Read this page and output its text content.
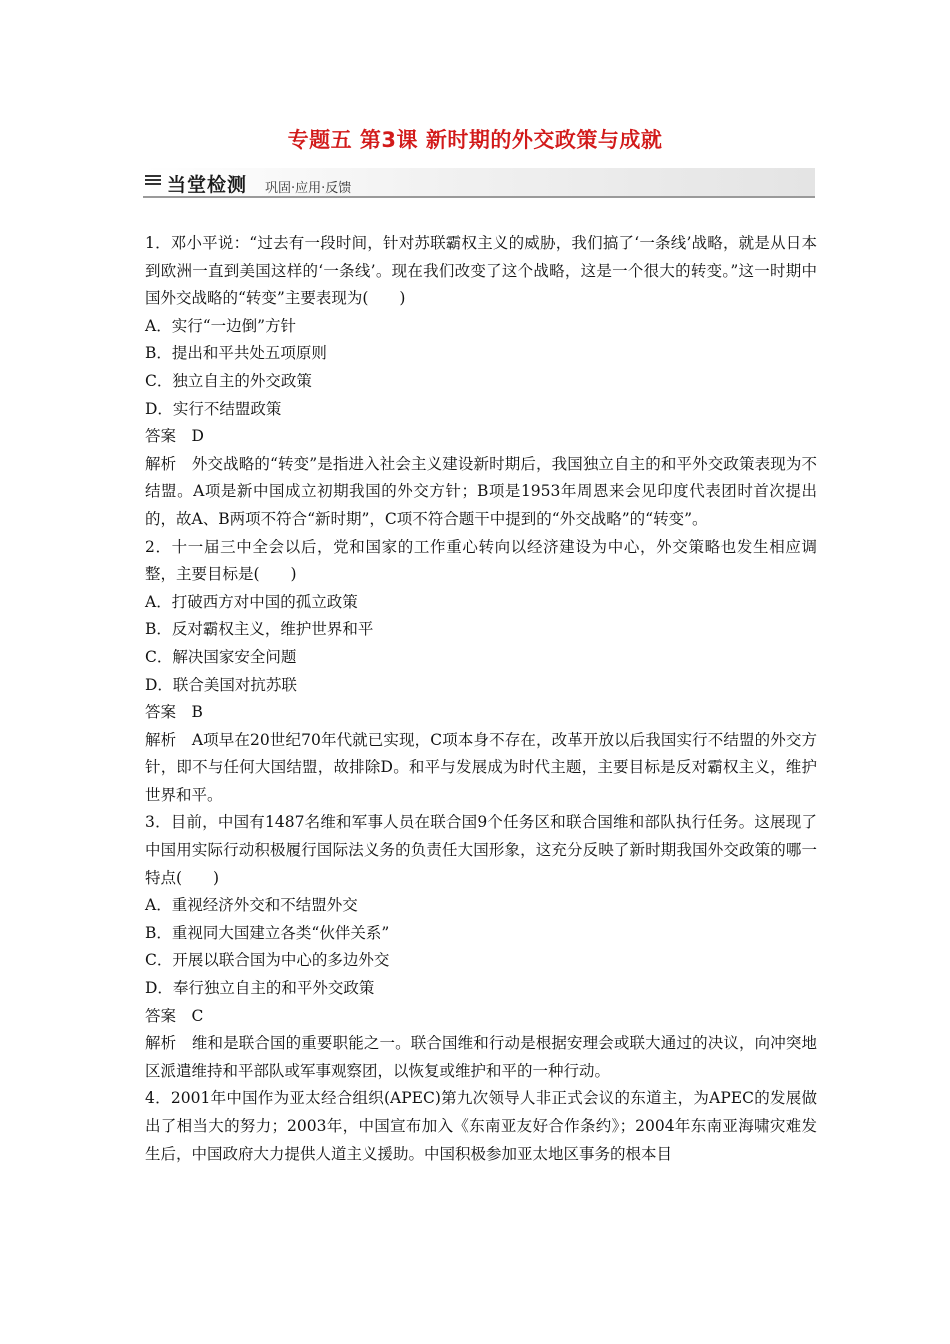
专题五 第3课 新时期的外交政策与成就
当堂检测 巩固·应用·反馈

1．邓小平说：“过去有一段时间，针对苏联霸权主义的威胁，我们搞了‘一条线’战略，就是从日本到欧洲一直到美国这样的‘一条线’。现在我们改变了这个战略，这是一个很大的转变。”这一时期中国外交战略的“转变”主要表现为(　　)

A．实行“一边倒”方针

B．提出和平共处五项原则

C．独立自主的外交政策

D．实行不结盟政策

答案　D

解析　外交战略的“转变”是指进入社会主义建设新时期后，我国独立自主的和平外交政策表现为不结盟。A项是新中国成立初期我国的外交方针；B项是1953年周恩来会见印度代表团时首次提出的，故A、B两项不符合“新时期”，C项不符合题干中提到的“外交战略”的“转变”。

2．十一届三中全会以后，党和国家的工作重心转向以经济建设为中心，外交策略也发生相应调整，主要目标是(　　)

A．打破西方对中国的孤立政策

B．反对霸权主义，维护世界和平

C．解决国家安全问题

D．联合美国对抗苏联

答案　B

解析　A项早在20世纪70年代就已实现，C项本身不存在，改革开放以后我国实行不结盟的外交方针，即不与任何大国结盟，故排除D。和平与发展成为时代主题，主要目标是反对霸权主义，维护世界和平。

3．目前，中国有1487名维和军事人员在联合国9个任务区和联合国维和部队执行任务。这展现了中国用实际行动积极履行国际法义务的负责任大国形象，这充分反映了新时期我国外交政策的哪一特点(　　)

A．重视经济外交和不结盟外交

B．重视同大国建立各类“伙伴关系”

C．开展以联合国为中心的多边外交

D．奉行独立自主的和平外交政策

答案　C

解析　维和是联合国的重要职能之一。联合国维和行动是根据安理会或联大通过的决议，向冲突地区派遣维持和平部队或军事观察团，以恢复或维护和平的一种行动。

4．2001年中国作为亚太经合组织(APEC)第九次领导人非正式会议的东道主，为APEC的发展做出了相当大的努力；2003年，中国宣布加入《东南亚友好合作条约》；2004年东南亚海啸灾难发生后，中国政府大力提供人道主义援助。中国积极参加亚太地区事务的根本目
